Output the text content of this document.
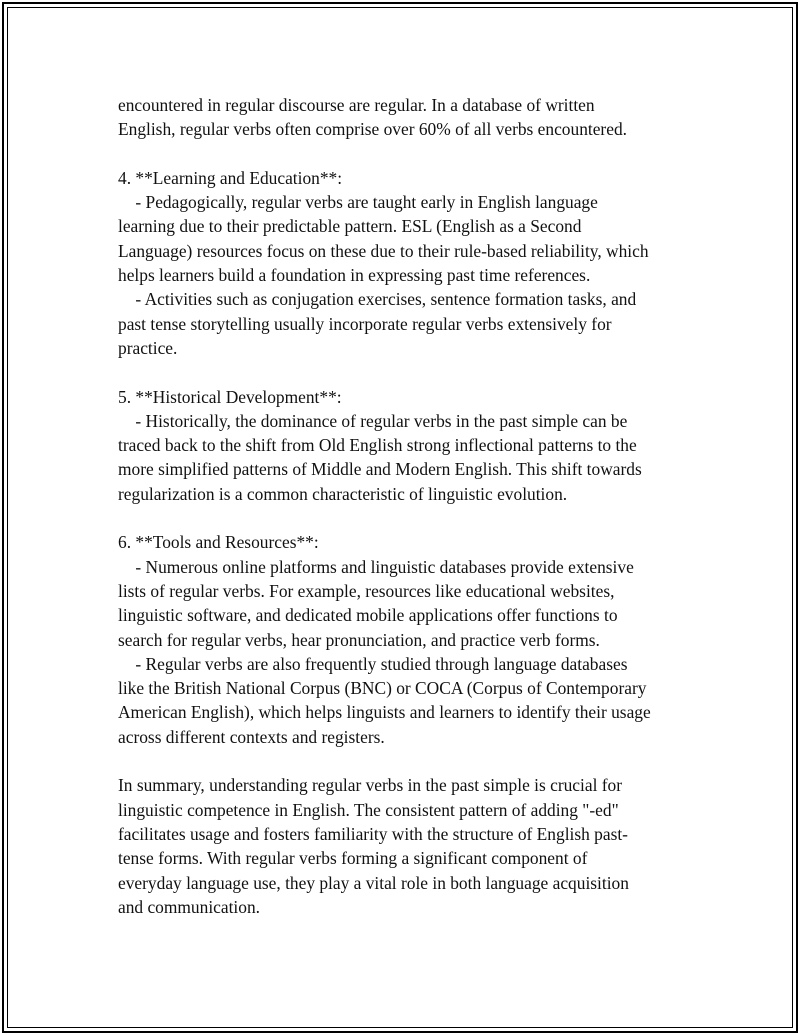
encountered in regular discourse are regular. In a database of written
English, regular verbs often comprise over 60% of all verbs encountered.
4. **Learning and Education**:
- Pedagogically, regular verbs are taught early in English language
learning due to their predictable pattern. ESL (English as a Second
Language) resources focus on these due to their rule-based reliability, which
helps learners build a foundation in expressing past time references.
- Activities such as conjugation exercises, sentence formation tasks, and
past tense storytelling usually incorporate regular verbs extensively for
practice.
5. **Historical Development**:
- Historically, the dominance of regular verbs in the past simple can be
traced back to the shift from Old English strong inflectional patterns to the
more simplified patterns of Middle and Modern English. This shift towards
regularization is a common characteristic of linguistic evolution.
6. **Tools and Resources**:
- Numerous online platforms and linguistic databases provide extensive
lists of regular verbs. For example, resources like educational websites,
linguistic software, and dedicated mobile applications offer functions to
search for regular verbs, hear pronunciation, and practice verb forms.
- Regular verbs are also frequently studied through language databases
like the British National Corpus (BNC) or COCA (Corpus of Contemporary
American English), which helps linguists and learners to identify their usage
across different contexts and registers.
In summary, understanding regular verbs in the past simple is crucial for
linguistic competence in English. The consistent pattern of adding "-ed"
facilitates usage and fosters familiarity with the structure of English past-
tense forms. With regular verbs forming a significant component of
everyday language use, they play a vital role in both language acquisition
and communication.
